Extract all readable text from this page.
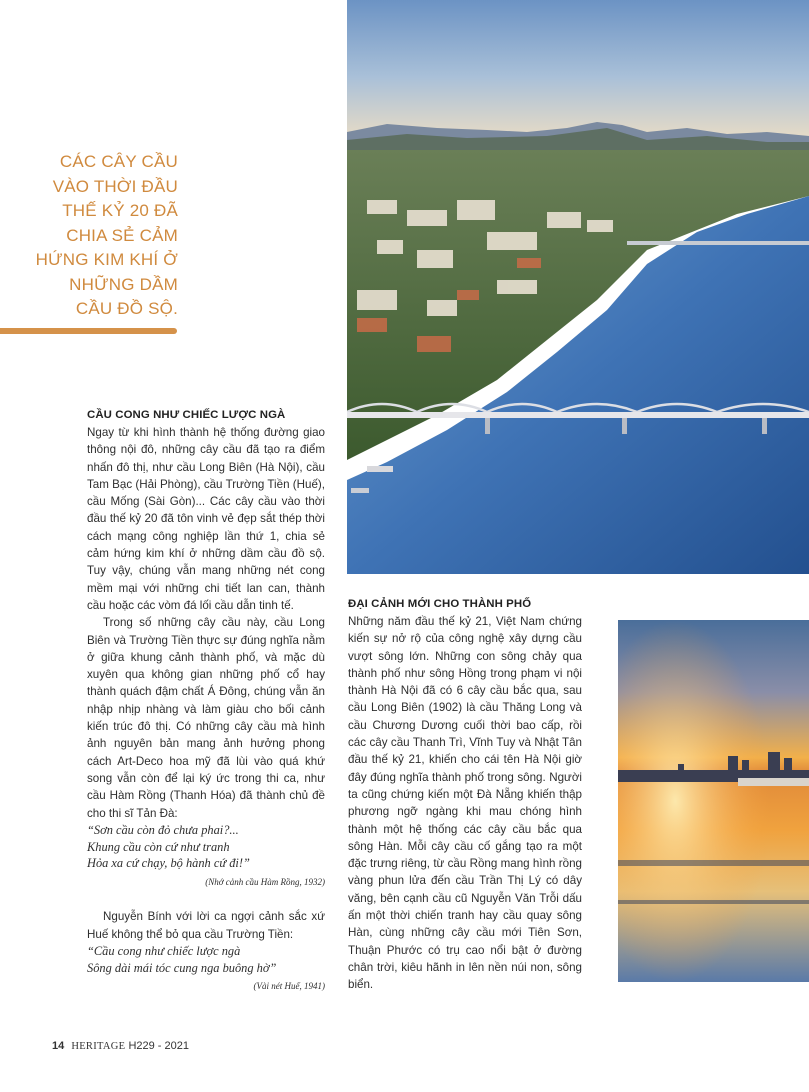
CÁC CÂY CẦU
VÀO THỜI ĐẦU
THẾ KỶ 20 ĐÃ
CHIA SẺ CẢM
HỨNG KIM KHÍ Ở
NHỮNG DẦM
CẦU ĐỒ SỘ.
CẦU CONG NHƯ CHIẾC LƯỢC NGÀ

Ngay từ khi hình thành hệ thống đường giao thông nội đô, những cây cầu đã tạo ra điểm nhấn đô thị, như cầu Long Biên (Hà Nội), cầu Tam Bạc (Hải Phòng), cầu Trường Tiền (Huế), cầu Mống (Sài Gòn)... Các cây cầu vào thời đầu thế kỷ 20 đã tôn vinh vẻ đẹp sắt thép thời cách mạng công nghiệp lần thứ 1, chia sẻ cảm hứng kim khí ở những dầm cầu đồ sộ. Tuy vậy, chúng vẫn mang những nét cong mềm mại với những chi tiết lan can, thành cầu hoặc các vòm đá lối cầu dẫn tinh tế.

Trong số những cây cầu này, cầu Long Biên và Trường Tiền thực sự đúng nghĩa nằm ở giữa khung cảnh thành phố, và mặc dù xuyên qua không gian những phố cổ hay thành quách đậm chất Á Đông, chúng vẫn ăn nhập nhịp nhàng và làm giàu cho bối cảnh kiến trúc đô thị. Có những cây cầu mà hình ảnh nguyên bản mang ảnh hưởng phong cách Art-Deco hoa mỹ đã lùi vào quá khứ song vẫn còn để lại ký ức trong thi ca, như cầu Hàm Rồng (Thanh Hóa) đã thành chủ đề cho thi sĩ Tản Đà:

“Sơn cầu còn đỏ chưa phai?...
Khung cầu còn cứ như tranh
Hỏa xa cứ chạy, bộ hành cứ đi!”
(Nhớ cảnh cầu Hàm Rồng, 1932)

Nguyễn Bính với lời ca ngợi cảnh sắc xứ Huế không thể bỏ qua cầu Trường Tiền:

“Cầu cong như chiếc lược ngà
Sông dài mái tóc cung nga buông hờ”
(Vài nét Huế, 1941)
ĐẠI CẢNH MỚI CHO THÀNH PHỐ

Những năm đầu thế kỷ 21, Việt Nam chứng kiến sự nở rộ của công nghệ xây dựng cầu vượt sông lớn. Những con sông chảy qua thành phố như sông Hồng trong phạm vi nội thành Hà Nội đã có 6 cây cầu bắc qua, sau cầu Long Biên (1902) là cầu Thăng Long và cầu Chương Dương cuối thời bao cấp, rồi các cây cầu Thanh Trì, Vĩnh Tuy và Nhật Tân đầu thế kỷ 21, khiến cho cái tên Hà Nội giờ đây đúng nghĩa thành phố trong sông. Người ta cũng chứng kiến một Đà Nẵng khiến thập phương ngỡ ngàng khi mau chóng hình thành một hệ thống các cây cầu bắc qua sông Hàn. Mỗi cây cầu cố gắng tạo ra một đặc trưng riêng, từ cầu Rồng mang hình rồng vàng phun lửa đến cầu Trần Thị Lý có dây văng, bên cạnh cầu cũ Nguyễn Văn Trỗi dấu ấn một thời chiến tranh hay cầu quay sông Hàn, cùng những cây cầu mới Tiên Sơn, Thuận Phước có trụ cao nổi bật ở đường chân trời, kiêu hãnh in lên nền núi non, sông biển.

14 HERITAGE H229 - 2021
